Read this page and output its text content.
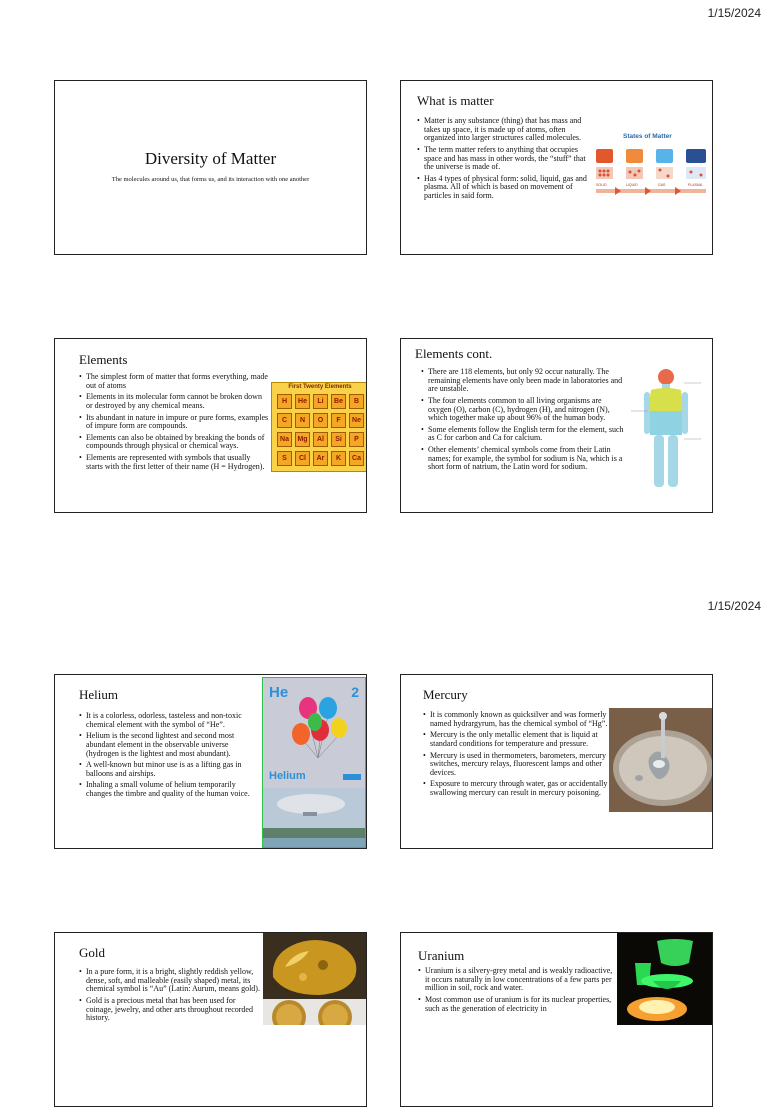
1/15/2024
1/15/2024
Diversity of Matter
The molecules around us, that forms us, and its interaction with one another
What is matter
• Matter is any substance (thing) that has mass and takes up space, it is made up of atoms, often organized into larger structures called molecules.
• The term matter refers to anything that occupies space and has mass in other words, the “stuff” that the universe is made of.
• Has 4 types of physical form: solid, liquid, gas and plasma. All of which is based on movement of particles in said form.
States of Matter
SOLID	LIQUID	GAS	PLASMA
Elements
• The simplest form of matter that forms everything, made out of atoms
• Elements in its molecular form cannot be broken down or destroyed by any chemical means.
• Its abundant in nature in impure or pure forms, examples of impure form are compounds.
• Elements can also be obtained by breaking the bonds of compounds through physical or chemical ways.
• Elements are represented with symbols that usually starts with the first letter of their name (H = Hydrogen).
First Twenty Elements
H	He	Li	Be	B
C	N	O	F	Ne
Na	Mg	Al	Si	P
S	Cl	Ar	K	Ca
Elements cont.
• There are 118 elements, but only 92 occur naturally. The remaining elements have only been made in laboratories and are unstable.
• The four elements common to all living organisms are oxygen (O), carbon (C), hydrogen (H), and nitrogen (N), which together make up about 96% of the human body.
• Some elements follow the English term for the element, such as C for carbon and Ca for calcium.
• Other elements’ chemical symbols come from their Latin names; for example, the symbol for sodium is Na, which is a short form of natrium, the Latin word for sodium.
Helium
• It is a colorless, odorless, tasteless and non-toxic chemical element with the symbol of “He”.
• Helium is the second lightest and second most abundant element in the observable universe (hydrogen is the lightest and most abundant).
• A well-known but minor use is as a lifting gas in balloons and airships.
• Inhaling a small volume of helium temporarily changes the timbre and quality of the human voice.
He	2
Helium
Mercury
• It is commonly known as quicksilver and was formerly named hydrargyrum, has the chemical symbol of “Hg”.
• Mercury is the only metallic element that is liquid at standard conditions for temperature and pressure.
• Mercury is used in thermometers, barometers, mercury switches, mercury relays, fluorescent lamps and other devices.
• Exposure to mercury through water, gas or accidentally swallowing mercury can result in mercury poisoning.
Gold
• In a pure form, it is a bright, slightly reddish yellow, dense, soft, and malleable (easily shaped) metal, its chemical symbol is “Au” (Latin: Aurum, means gold).
• Gold is a precious metal that has been used for coinage, jewelry, and other arts throughout recorded history.
Uranium
• Uranium is a silvery-grey metal and is weakly radioactive, it occurs naturally in low concentrations of a few parts per million in soil, rock and water.
• Most common use of uranium is for its nuclear properties, such as the generation of electricity in
